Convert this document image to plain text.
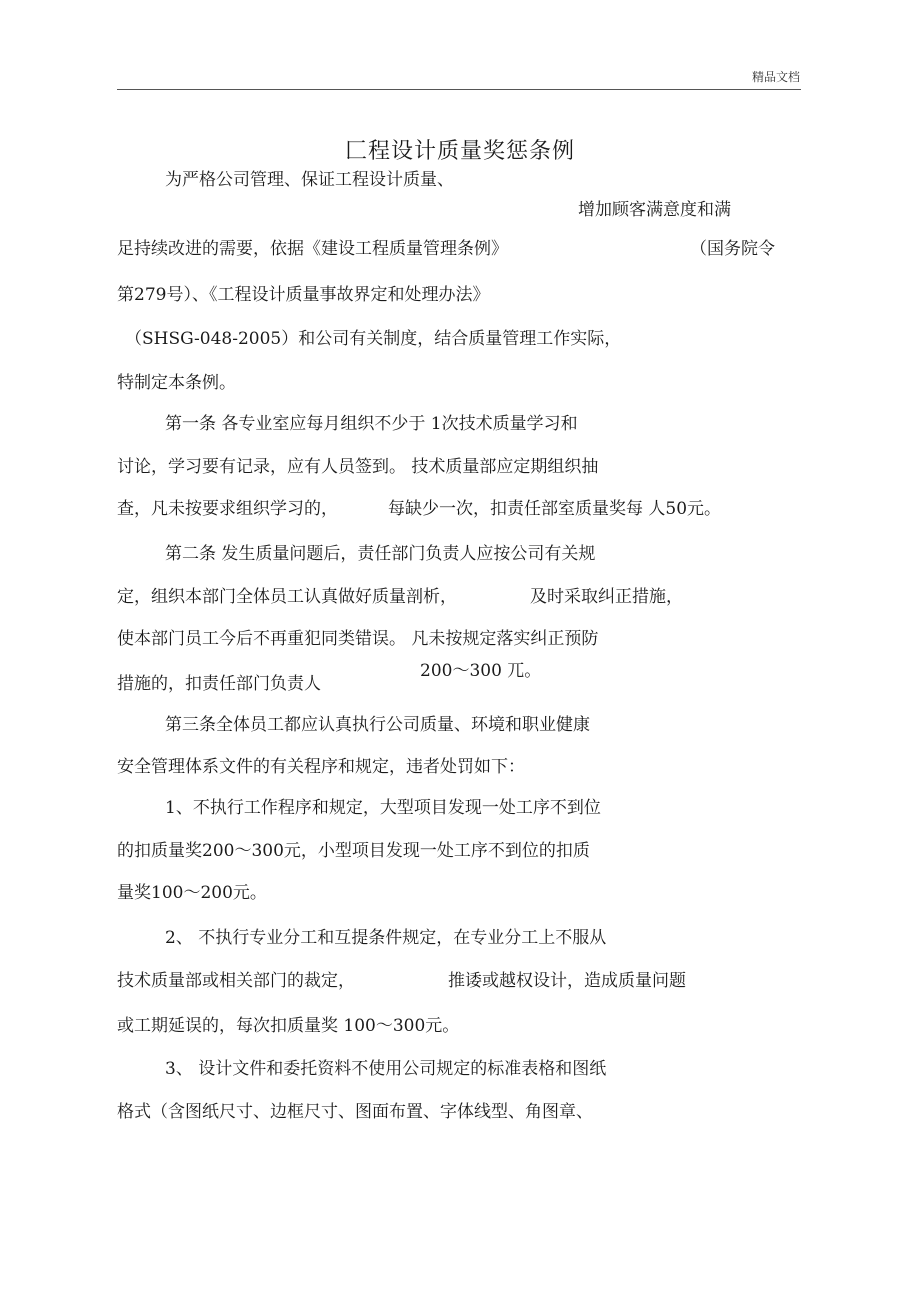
精品文档
匚程设计质量奖惩条例
为严格公司管理、保证工程设计质量、
增加顾客满意度和满
足持续改进的需要，依据《建设工程质量管理条例》	（国务院令
第279号）、《工程设计质量事故界定和处理办法》
（SHSG-048-2005）和公司有关制度，结合质量管理工作实际，
特制定本条例。
第一条 各专业室应每月组织不少于 1次技术质量学习和
讨论，学习要有记录，应有人员签到。 技术质量部应定期组织抽
查，凡未按要求组织学习的，	每缺少一次，扣责任部室质量奖每 人50元。
第二条 发生质量问题后，责任部门负责人应按公司有关规
定，组织本部门全体员工认真做好质量剖析，	及时采取纠正措施，
使本部门员工今后不再重犯同类错误。 凡未按规定落实纠正预防
措施的，扣责任部门负责人
200～300 兀。
第三条全体员工都应认真执行公司质量、环境和职业健康
安全管理体系文件的有关程序和规定，违者处罚如下：
1、不执行工作程序和规定，大型项目发现一处工序不到位
的扣质量奖200～300元，小型项目发现一处工序不到位的扣质
量奖100～200元。
2、 不执行专业分工和互提条件规定，在专业分工上不服从
技术质量部或相关部门的裁定，	推诿或越权设计，造成质量问题
或工期延误的，每次扣质量奖 100～300元。
3、 设计文件和委托资料不使用公司规定的标准表格和图纸
格式（含图纸尺寸、边框尺寸、图面布置、字体线型、角图章、
